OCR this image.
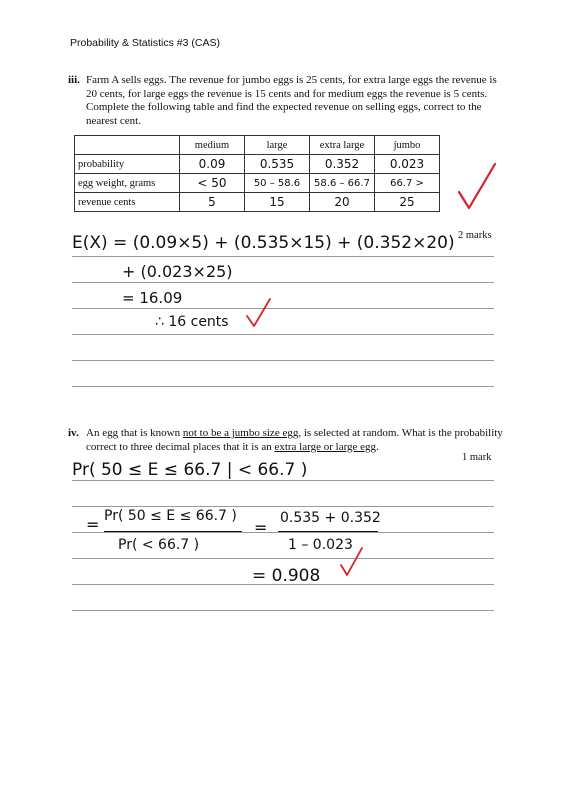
Probability & Statistics #3 (CAS)
iii. Farm A sells eggs. The revenue for jumbo eggs is 25 cents, for extra large eggs the revenue is 20 cents, for large eggs the revenue is 15 cents and for medium eggs the revenue is 5 cents. Complete the following table and find the expected revenue on selling eggs, correct to the nearest cent.
	medium	large	extra large	jumbo
probability	0.09	0.535	0.352	0.023
egg weight, grams	< 50	50 – 58.6	58.6 – 66.7	66.7 >
revenue cents	5	15	20	25
2 marks
E(X) = (0.09×5) + (0.535×15) + (0.352×20)
+ (0.023×25)
= 16.09
∴ 16 cents
iv. An egg that is known not to be a jumbo size egg, is selected at random. What is the probability correct to three decimal places that it is an extra large or large egg.
1 mark
Pr( 50 ≤ E ≤ 66.7 | < 66.7 )
= Pr( 50 ≤ E ≤ 66.7 )
Pr( < 66.7 )
= 0.535 + 0.352
1 – 0.023
= 0.908
